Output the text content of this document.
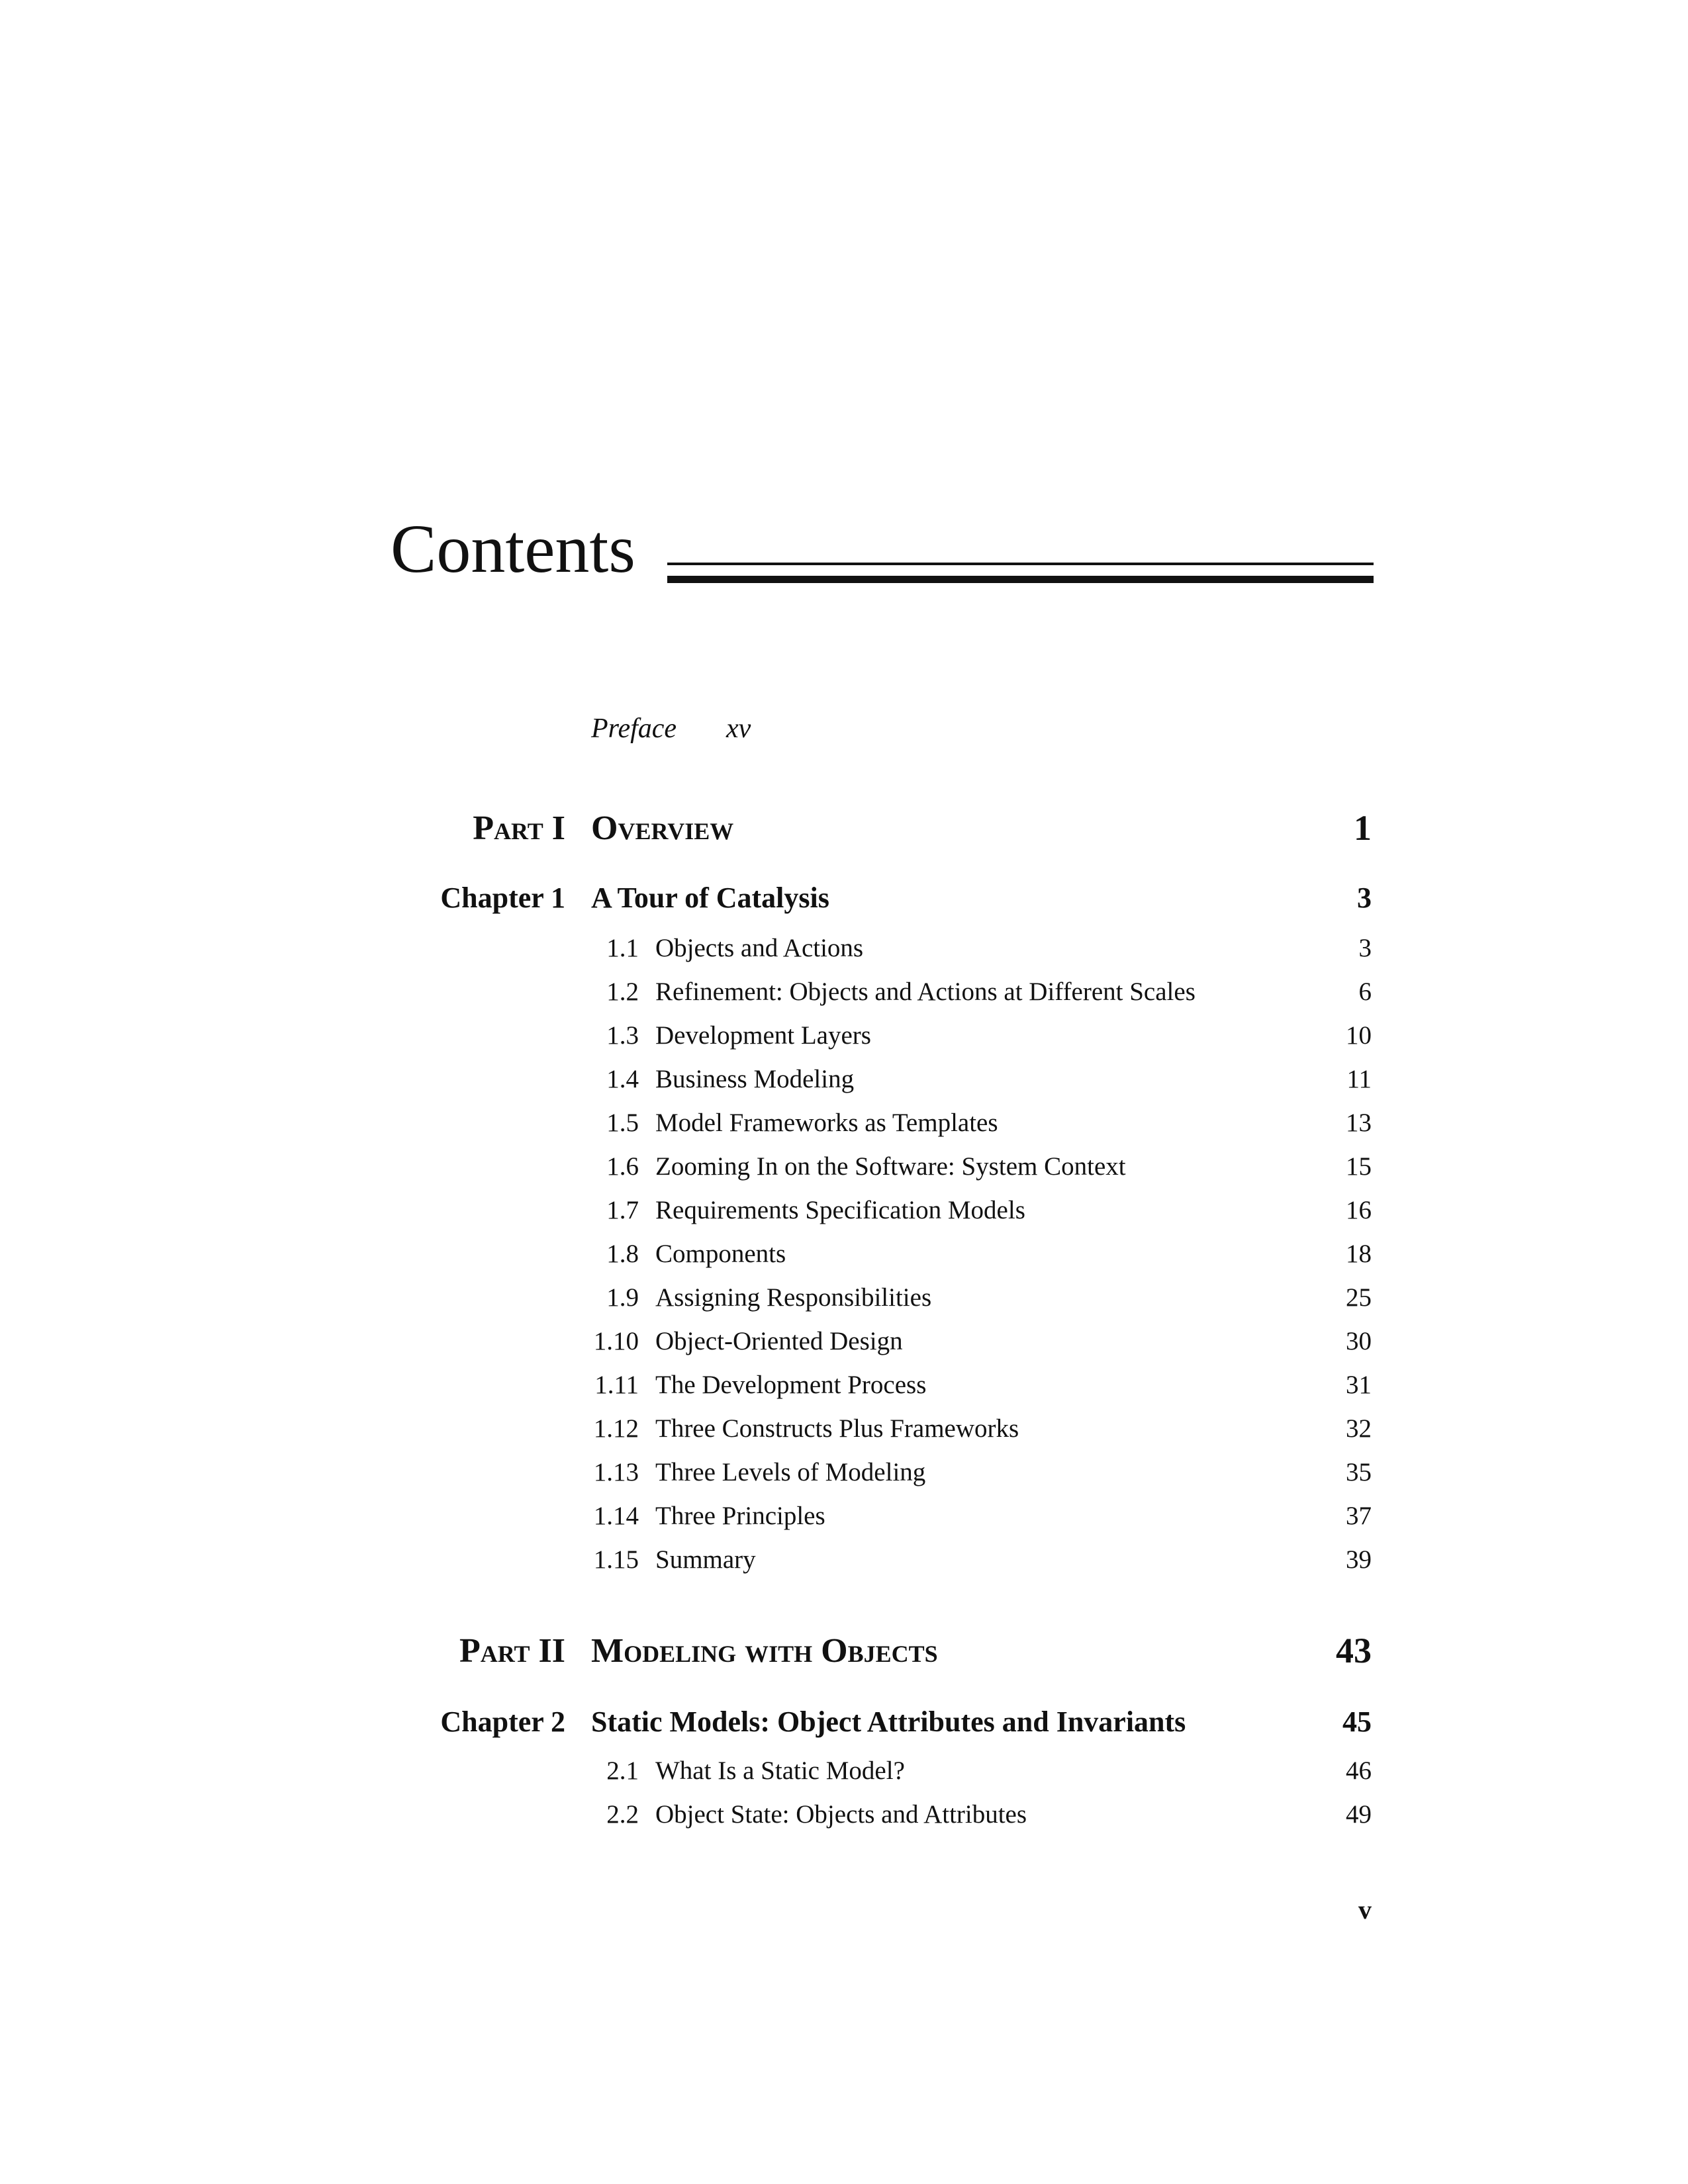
Contents
Preface xv
Part I Overview	1
Chapter 1 A Tour of Catalysis	3
1.1 Objects and Actions	3
1.2 Refinement: Objects and Actions at Different Scales	6
1.3 Development Layers	10
1.4 Business Modeling	11
1.5 Model Frameworks as Templates	13
1.6 Zooming In on the Software: System Context	15
1.7 Requirements Specification Models	16
1.8 Components	18
1.9 Assigning Responsibilities	25
1.10 Object-Oriented Design	30
1.11 The Development Process	31
1.12 Three Constructs Plus Frameworks	32
1.13 Three Levels of Modeling	35
1.14 Three Principles	37
1.15 Summary	39
Part II Modeling with Objects	43
Chapter 2 Static Models: Object Attributes and Invariants	45
2.1 What Is a Static Model?	46
2.2 Object State: Objects and Attributes	49
v
